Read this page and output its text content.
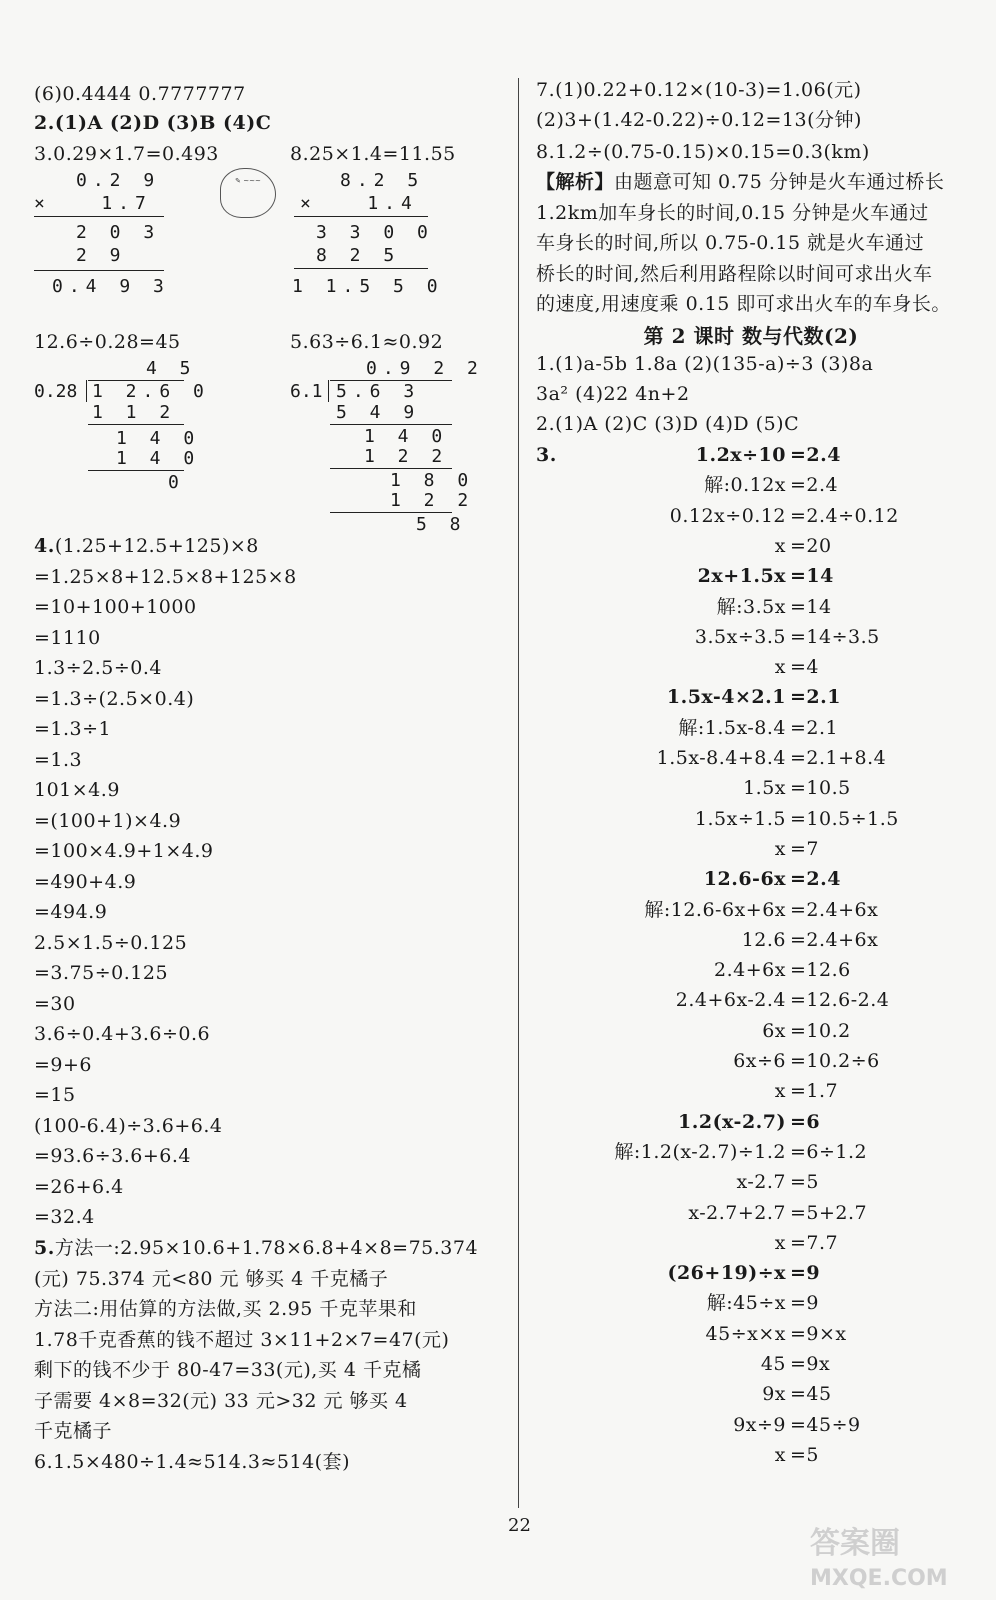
(6)0.4444 0.7777777
2.(1)A (2)D (3)B (4)C
3.0.29×1.7=0.493	8.25×1.4=11.55
0.2 9
×   1.7
2 0 3
2 9
0.4 9 3
✎ ~~~	8.2 5
×   1.4
3 3 0 0
8 2 5
1 1.5 5 0
12.6÷0.28=45
4 5
0.28 1 2.6 0
1 1 2
1 4 0
1 4 0
0
5.63÷6.1≈0.92
0.9 2 2
6.1 5.6 3
5 4 9
1 4 0
1 2 2
1 8 0
1 2 2
5 8
4.(1.25+12.5+125)×8
=1.25×8+12.5×8+125×8
=10+100+1000
=1110
1.3÷2.5÷0.4
=1.3÷(2.5×0.4)
=1.3÷1
=1.3
101×4.9
=(100+1)×4.9
=100×4.9+1×4.9
=490+4.9
=494.9
2.5×1.5÷0.125
=3.75÷0.125
=30
3.6÷0.4+3.6÷0.6
=9+6
=15
(100-6.4)÷3.6+6.4
=93.6÷3.6+6.4
=26+6.4
=32.4
5.方法一:2.95×10.6+1.78×6.8+4×8=75.374
(元) 75.374 元<80 元 够买 4 千克橘子
方法二:用估算的方法做,买 2.95 千克苹果和
1.78千克香蕉的钱不超过 3×11+2×7=47(元)
剩下的钱不少于 80-47=33(元),买 4 千克橘
子需要 4×8=32(元) 33 元>32 元 够买 4
千克橘子
6.1.5×480÷1.4≈514.3≈514(套)
7.(1)0.22+0.12×(10-3)=1.06(元)
(2)3+(1.42-0.22)÷0.12=13(分钟)
8.1.2÷(0.75-0.15)×0.15=0.3(km)
【解析】由题意可知 0.75 分钟是火车通过桥长
1.2km加车身长的时间,0.15 分钟是火车通过
车身长的时间,所以 0.75-0.15 就是火车通过
桥长的时间,然后利用路程除以时间可求出火车
的速度,用速度乘 0.15 即可求出火车的车身长。
第 2 课时 数与代数(2)
1.(1)a-5b 1.8a (2)(135-a)÷3 (3)8a
3a² (4)22 4n+2
2.(1)A (2)C (3)D (4)D (5)C
3.	1.2x÷10 =2.4
解:0.12x =2.4
0.12x÷0.12 =2.4÷0.12
x =20
2x+1.5x =14
解:3.5x =14
3.5x÷3.5 =14÷3.5
x =4
1.5x-4×2.1 =2.1
解:1.5x-8.4 =2.1
1.5x-8.4+8.4 =2.1+8.4
1.5x =10.5
1.5x÷1.5 =10.5÷1.5
x =7
12.6-6x =2.4
解:12.6-6x+6x =2.4+6x
12.6 =2.4+6x
2.4+6x =12.6
2.4+6x-2.4 =12.6-2.4
6x =10.2
6x÷6 =10.2÷6
x =1.7
1.2(x-2.7) =6
解:1.2(x-2.7)÷1.2 =6÷1.2
x-2.7 =5
x-2.7+2.7 =5+2.7
x =7.7
(26+19)÷x =9
解:45÷x =9
45÷x×x =9×x
45 =9x
9x =45
9x÷9 =45÷9
x =5
22
答案圈
MXQE.COM
